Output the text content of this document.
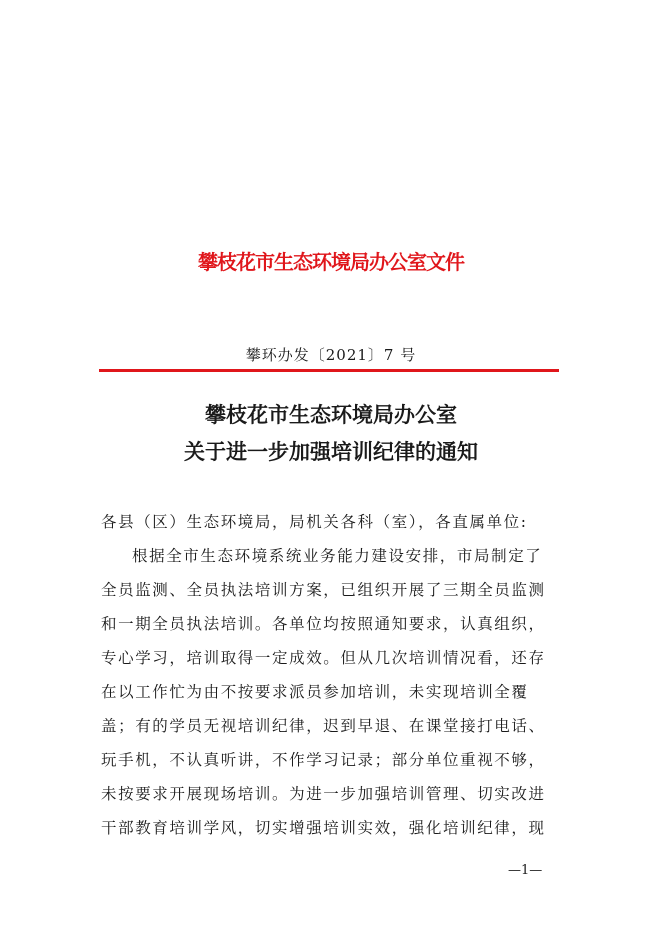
攀枝花市生态环境局办公室文件
攀环办发〔2021〕7 号
攀枝花市生态环境局办公室
关于进一步加强培训纪律的通知
各县（区）生态环境局，局机关各科（室），各直属单位:
根据全市生态环境系统业务能力建设安排，市局制定了
全员监测、全员执法培训方案，已组织开展了三期全员监测
和一期全员执法培训。各单位均按照通知要求，认真组织，
专心学习，培训取得一定成效。但从几次培训情况看，还存
在以工作忙为由不按要求派员参加培训，未实现培训全覆
盖；有的学员无视培训纪律，迟到早退、在课堂接打电话、
玩手机，不认真听讲，不作学习记录；部分单位重视不够，
未按要求开展现场培训。为进一步加强培训管理、切实改进
干部教育培训学风，切实增强培训实效，强化培训纪律，现
—1—
